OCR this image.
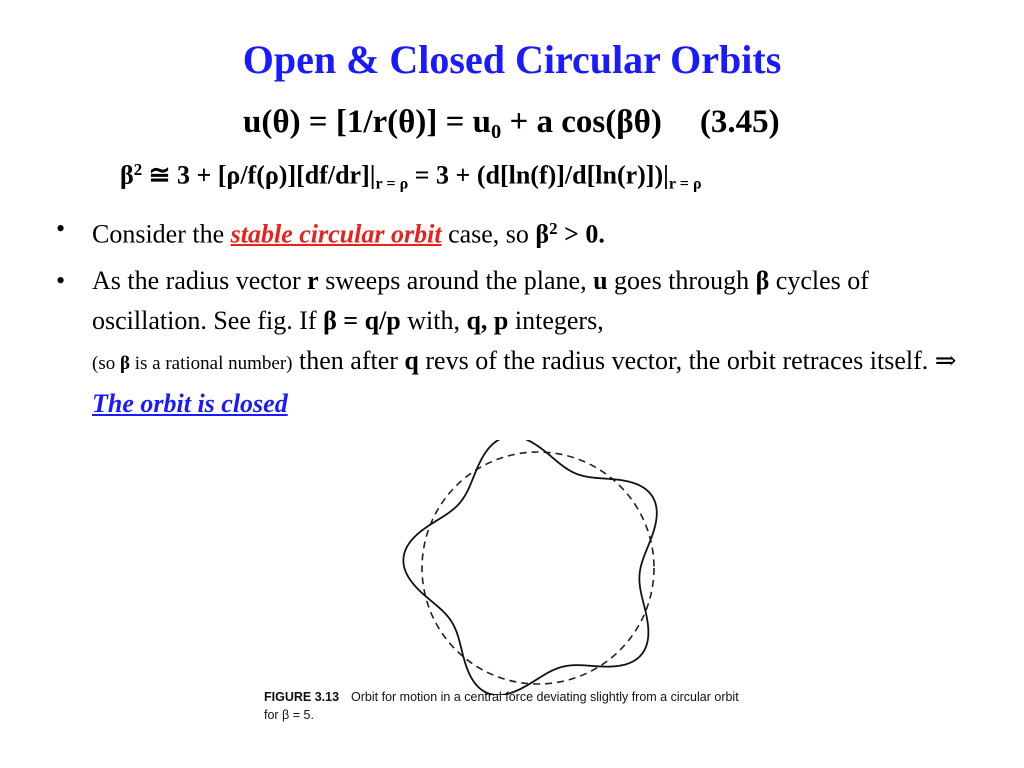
Open & Closed Circular Orbits
$u(\theta) = [1/r(\theta)] = u_0 + a$ cos(βθ) (3.45)
$\beta^2$ ≅ $3 + [\rho/f(\rho)][df/dr]|_{r = \rho} = 3 + (d[\ln(f)]/d[\ln(r)])|_{r = \rho}$
• Consider the stable circular orbit case, so $\beta^2 > 0$.
• As the radius vector r sweeps around the plane, u goes through β cycles of oscillation. See fig. If β = q/p with, q, p integers,
(so β is a rational number) then after q revs of the radius vector, the orbit retraces itself. ⇒ The orbit is closed
FIGURE 3.13 Orbit for motion in a central force deviating slightly from a circular orbit
for β = 5.
